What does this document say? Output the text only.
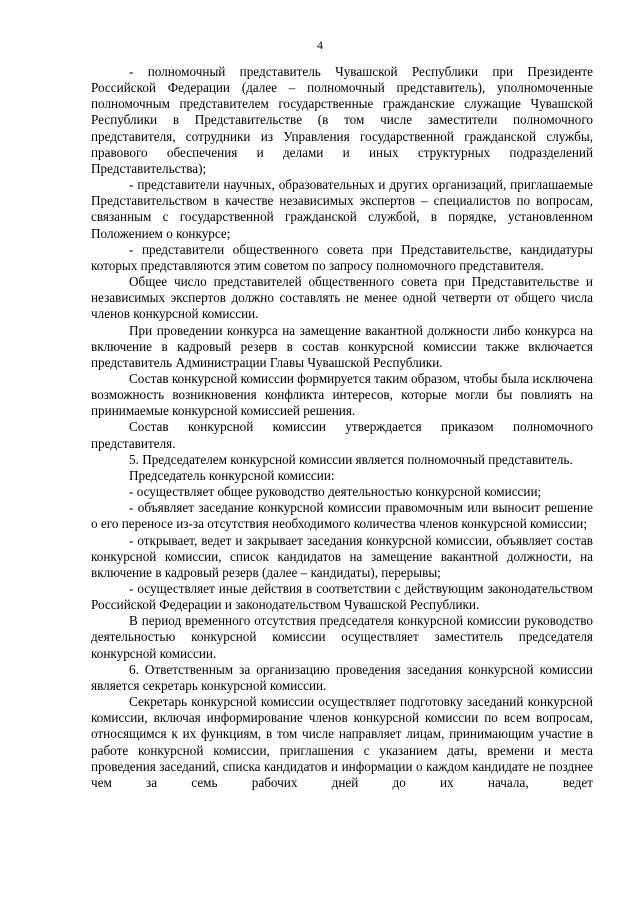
4

- полномочный представитель Чувашской Республики при Президенте Российской Федерации (далее – полномочный представитель), уполномоченные полномочным представителем государственные гражданские служащие Чувашской Республики в Представительстве (в том числе заместители полномочного представителя, сотрудники из Управления государственной гражданской службы, правового обеспечения и делами и иных структурных подразделений Представительства);

- представители научных, образовательных и других организаций, приглашаемые Представительством в качестве независимых экспертов – специалистов по вопросам, связанным с государственной гражданской службой, в порядке, установленном Положением о конкурсе;

- представители общественного совета при Представительстве, кандидатуры которых представляются этим советом по запросу полномочного представителя.

Общее число представителей общественного совета при Представительстве и независимых экспертов должно составлять не менее одной четверти от общего числа членов конкурсной комиссии.

При проведении конкурса на замещение вакантной должности либо конкурса на включение в кадровый резерв в состав конкурсной комиссии также включается представитель Администрации Главы Чувашской Республики.

Состав конкурсной комиссии формируется таким образом, чтобы была исключена возможность возникновения конфликта интересов, которые могли бы повлиять на принимаемые конкурсной комиссией решения.

Состав конкурсной комиссии утверждается приказом полномочного представителя.

5. Председателем конкурсной комиссии является полномочный представитель.

Председатель конкурсной комиссии:

- осуществляет общее руководство деятельностью конкурсной комиссии;

- объявляет заседание конкурсной комиссии правомочным или выносит решение о его переносе из-за отсутствия необходимого количества членов конкурсной комиссии;

- открывает, ведет и закрывает заседания конкурсной комиссии, объявляет состав конкурсной комиссии, список кандидатов на замещение вакантной должности, на включение в кадровый резерв (далее – кандидаты), перерывы;

- осуществляет иные действия в соответствии с действующим законодательством Российской Федерации и законодательством Чувашской Республики.

В период временного отсутствия председателя конкурсной комиссии руководство деятельностью конкурсной комиссии осуществляет заместитель председателя конкурсной комиссии.

6. Ответственным за организацию проведения заседания конкурсной комиссии является секретарь конкурсной комиссии.

Секретарь конкурсной комиссии осуществляет подготовку заседаний конкурсной комиссии, включая информирование членов конкурсной комиссии по всем вопросам, относящимся к их функциям, в том числе направляет лицам, принимающим участие в работе конкурсной комиссии, приглашения с указанием даты, времени и места проведения заседаний, списка кандидатов и информации о каждом кандидате не позднее чем за семь рабочих дней до их начала, ведет
